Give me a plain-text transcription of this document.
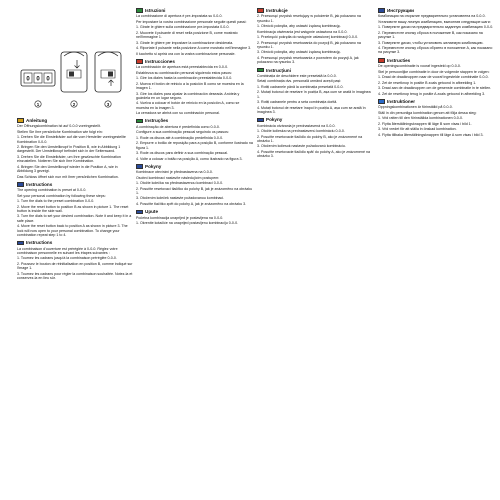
Anleitung
Der Öffnungskombination ist auf 0-0-0 voreingestellt.
Stellen Sie Ihre persönliche Kombination wie folgt ein:
1. Drehen Sie die Einstellräder auf die vom Hersteller voreingestellte Kombination 0-0-0.
2. Bringen Sie den Umstellknopf in Position B, wie in Abbildung 1 dargestellt. Der Umstellknopf befindet sich in der Seitenwand.
3. Drehen Sie die Einstellräder, um Ihre gewünschte Kombination einzustellen. Notieren Sie sich Ihre Kombination.
4. Bringen Sie den Umstellknopf wieder in die Position A, wie in Abbildung 3 gezeigt.
Das Schloss öffnet sich nun mit Ihrer persönlichen Kombination.
Instructions
The opening combination is preset at 0-0-0.
Set your personal combination by following these steps:
1. Turn the dials to the preset combination 0-0-0.
2. Move the reset button to position B as shown in picture 1. The reset button is inside the side wall.
3. Turn the dials to set your desired combination. Note it and keep it in a safe place.
4. Move the reset button back to position A as shown in picture 3. The lock will now open to your personal combination. To change your combination repeat step 1 to 4.
Instructions
La combinaison d'ouverture est préréglée à 0-0-0. Réglez votre combinaison personnelle en suivant les étapes suivantes :
1. Tournez les cadrans jusqu'à la combinaison préréglée 0-0-0.
2. Poussez le bouton de réinitialisation en position B, comme indiqué sur l'image 1.
3. Tournez les cadrans pour régler la combinaison souhaitée. Notez-la et conservez-la en lieu sûr.
0 0 0
1	2	3
Istruzioni
La combinazione di apertura è pre-impostata su 0-0-0.
Per impostare la vostra combinazione personale seguite questi passi:
1. Girate le ghiere sulla combinazione pre-impostata 0-0-0.
2. Muovete il pulsante di reset nella posizione B, come mostrato nell'immagine 1.
3. Girate le ghiere per impostare la combinazione desiderata.
4. Riportate il pulsante nella posizione A come mostrato nell'immagine 3.
Il lucchetto si aprirà ora con la vostra combinazione personale.
Instrucciones
La combinación de apertura está preestablecida en 0-0-0.
Establezca su combinación personal siguiendo estos pasos:
1. Gire los diales hasta la combinación preestablecida 0-0-0.
2. Mueva el botón de reinicio a la posición B como se muestra en la imagen 1.
3. Gire los diales para ajustar la combinación deseada. Anótela y guárdela en un lugar seguro.
4. Vuelva a colocar el botón de reinicio en la posición A, como se muestra en la imagen 3.
La cerradura se abrirá con su combinación personal.
Instruções
A combinação de abertura é predefinida como 0-0-0.
Configure a sua combinação pessoal seguindo os passos:
1. Rode os discos até à combinação predefinida 0-0-0.
2. Empurre o botão de reposição para a posição B, conforme ilustrado na figura 1.
3. Rode os discos para definir a sua combinação pessoal.
4. Volte a colocar o botão na posição A, como ilustrado na figura 3.
Pokyny
Kombinace otevírání je přednastavena na 0-0-0.
Osobní kombinaci nastavíte následujícím postupem:
1. Otočte kolečka na přednastavenou kombinaci 0-0-0.
2. Posuňte resetovací tlačítko do polohy B, jak je znázorněno na obrázku 1.
3. Otočením koleček nastavte požadovanou kombinaci.
4. Posuňte tlačítko zpět do polohy A, jak je znázorněno na obrázku 3.
Upute
Početna kombinacija unaprijed je postavljena na 0-0-0.
1. Okrenite kotačiće na unaprijed postavljenu kombinaciju 0-0-0.
Instrukcje
2. Przesunąć przycisk resetujący w położenie B, jak pokazano na rysunku 1.
1. Obrócić pokrętła, aby ustawić żądaną kombinację.
Kombinacja otwierania jest wstępnie ustawiona na 0-0-0.
1. Przekręcić pokrętła do wstępnie ustawionej kombinacji 0-0-0.
2. Przesunąć przycisk resetowania do pozycji B, jak pokazano na rysunku 1.
3. Obrócić pokrętła, aby ustawić żądaną kombinację.
4. Przesunąć przycisk resetowania z powrotem do pozycji A, jak pokazano na rysunku 3.
Instrucțiuni
Combinația de deschidere este presetată la 0-0-0.
Setați combinația dvs. personală urmând acești pași:
1. Rotiți cadranele până la combinația presetată 0-0-0.
2. Mutați butonul de resetare în poziția B, așa cum se arată în imaginea 1.
3. Rotiți cadranele pentru a seta combinația dorită.
4. Mutați butonul de resetare înapoi în poziția A, așa cum se arată în imaginea 3.
Pokyny
Kombinácia otvárania je prednastavená na 0-0-0.
1. Otočte kolieska na prednastavenú kombináciu 0-0-0.
2. Posuňte resetovacie tlačidlo do polohy B, ako je znázornené na obrázku 1.
3. Otočením koliesok nastavte požadovanú kombináciu.
4. Posuňte resetovacie tlačidlo späť do polohy A, ako je znázornené na obrázku 3.
Инструкции
Комбинация на открытие предварительно установлена на 0-0-0.
Установите вашу личную комбинацию, выполнив следующие шаги:
1. Поверните диски на предварительно заданную комбинацию 0-0-0.
2. Переместите кнопку сброса в положение B, как показано на рисунке 1.
3. Поверните диски, чтобы установить желаемую комбинацию.
4. Переместите кнопку сброса обратно в положение A, как показано на рисунке 3.
Instructies
De openingscombinatie is vooraf ingesteld op 0-0-0.
Stel je persoonlijke combinatie in door de volgende stappen te volgen:
1. Draai de draaiknoppen naar de vooraf ingestelde combinatie 0-0-0.
2. Zet de resetknop in positie B zoals getoond in afbeelding 1.
3. Draai aan de draaiknoppen om de gewenste combinatie in te stellen.
4. Zet de resetknop terug in positie A zoals getoond in afbeelding 3.
Instruktioner
Öppningskombinationen är förinställd på 0-0-0.
Ställ in din personliga kombination genom att följa dessa steg:
1. Vrid ratten till den förinställda kombinationen 0-0-0.
2. Flytta återställningsknappen till läge B som visas i bild 1.
3. Vrid vredet för att ställa in önskad kombination.
4. Flytta tillbaka återställningsknappen till läge A som visas i bild 3.
